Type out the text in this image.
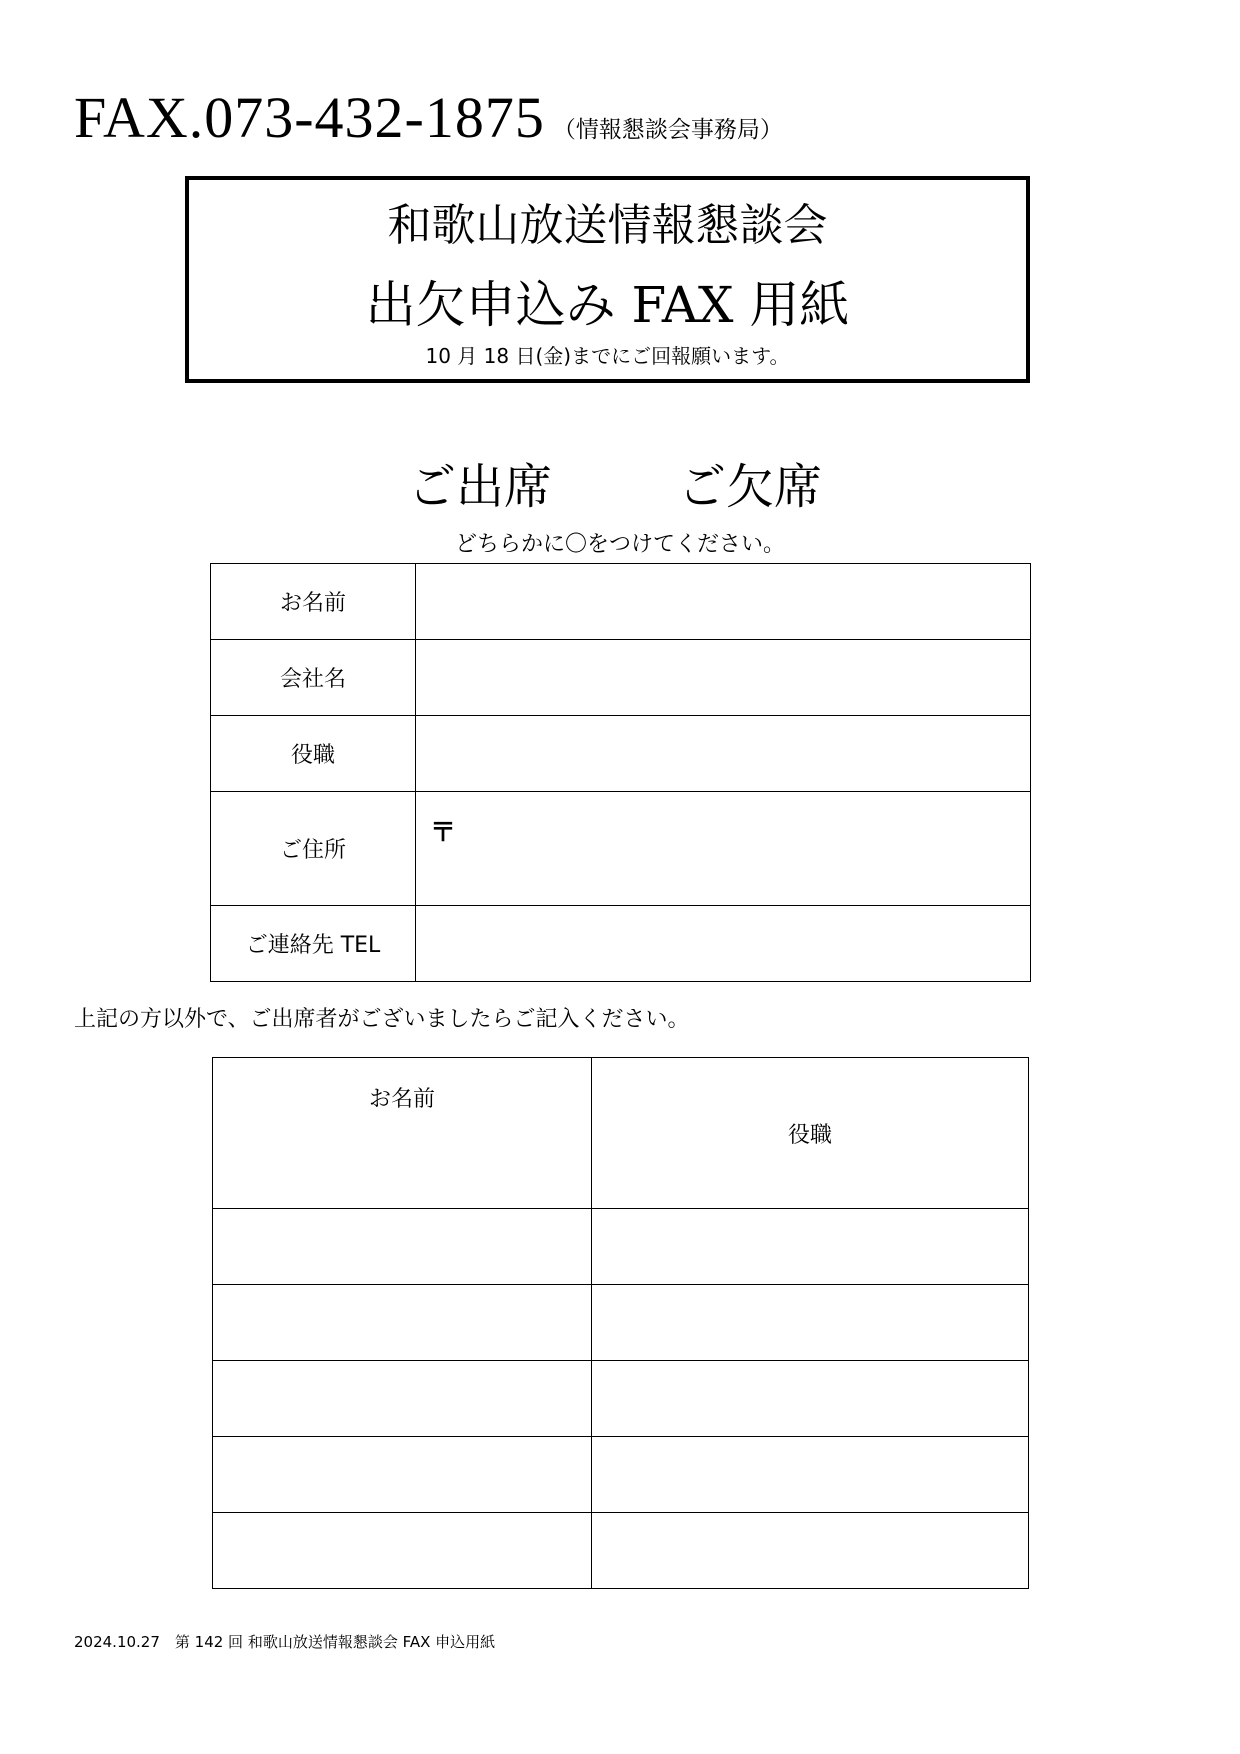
FAX.073-432-1875 （情報懇談会事務局）
和歌山放送情報懇談会
出欠申込み FAX 用紙
10 月 18 日(金)までにご回報願います。
ご出席	ご欠席
どちらかに〇をつけてください。
お名前	
会社名	
役職	
ご住所	〒

ご連絡先 TEL	
上記の方以外で、ご出席者がございましたらご記入ください。
お名前	役職

2024.10.27　第 142 回 和歌山放送情報懇談会 FAX 申込用紙
